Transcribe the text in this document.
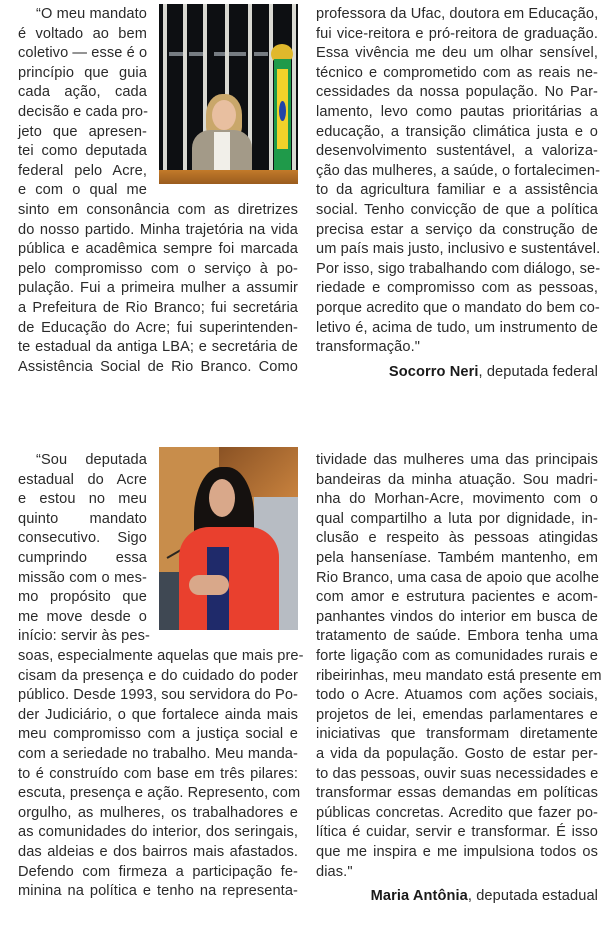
“O meu mandato
é voltado ao bem
coletivo — esse é o
princípio que guia
cada ação, cada
decisão e cada pro-
jeto que apresen-
tei como deputada
federal pelo Acre,
e com o qual me
sinto em consonância com as diretrizes
do nosso partido. Minha trajetória na vida
pública e acadêmica sempre foi marcada
pelo compromisso com o serviço à po-
pulação. Fui a primeira mulher a assumir
a Prefeitura de Rio Branco; fui secretária
de Educação do Acre; fui superintenden-
te estadual da antiga LBA; e secretária de
Assistência Social de Rio Branco. Como
professora da Ufac, doutora em Educação,
fui vice-reitora e pró-reitora de graduação.
Essa vivência me deu um olhar sensível,
técnico e comprometido com as reais ne-
cessidades da nossa população. No Par-
lamento, levo como pautas prioritárias a
educação, a transição climática justa e o
desenvolvimento sustentável, a valoriza-
ção das mulheres, a saúde, o fortalecimen-
to da agricultura familiar e a assistência
social. Tenho convicção de que a política
precisa estar a serviço da construção de
um país mais justo, inclusivo e sustentável.
Por isso, sigo trabalhando com diálogo, se-
riedade e compromisso com as pessoas,
porque acredito que o mandato do bem co-
letivo é, acima de tudo, um instrumento de
transformação."
Socorro Neri, deputada federal
“Sou deputada
estadual do Acre
e estou no meu
quinto mandato
consecutivo. Sigo
cumprindo essa
missão com o mes-
mo propósito que
me move desde o
início: servir às pes-
soas, especialmente aquelas que mais pre-
cisam da presença e do cuidado do poder
público. Desde 1993, sou servidora do Po-
der Judiciário, o que fortalece ainda mais
meu compromisso com a justiça social e
com a seriedade no trabalho. Meu manda-
to é construído com base em três pilares:
escuta, presença e ação. Represento, com
orgulho, as mulheres, os trabalhadores e
as comunidades do interior, dos seringais,
das aldeias e dos bairros mais afastados.
Defendo com firmeza a participação fe-
minina na política e tenho na representa-
tividade das mulheres uma das principais
bandeiras da minha atuação. Sou madri-
nha do Morhan-Acre, movimento com o
qual compartilho a luta por dignidade, in-
clusão e respeito às pessoas atingidas
pela hanseníase. Também mantenho, em
Rio Branco, uma casa de apoio que acolhe
com amor e estrutura pacientes e acom-
panhantes vindos do interior em busca de
tratamento de saúde. Embora tenha uma
forte ligação com as comunidades rurais e
ribeirinhas, meu mandato está presente em
todo o Acre. Atuamos com ações sociais,
projetos de lei, emendas parlamentares e
iniciativas que transformam diretamente
a vida da população. Gosto de estar per-
to das pessoas, ouvir suas necessidades e
transformar essas demandas em políticas
públicas concretas. Acredito que fazer po-
lítica é cuidar, servir e transformar. É isso
que me inspira e me impulsiona todos os
dias."
Maria Antônia, deputada estadual
